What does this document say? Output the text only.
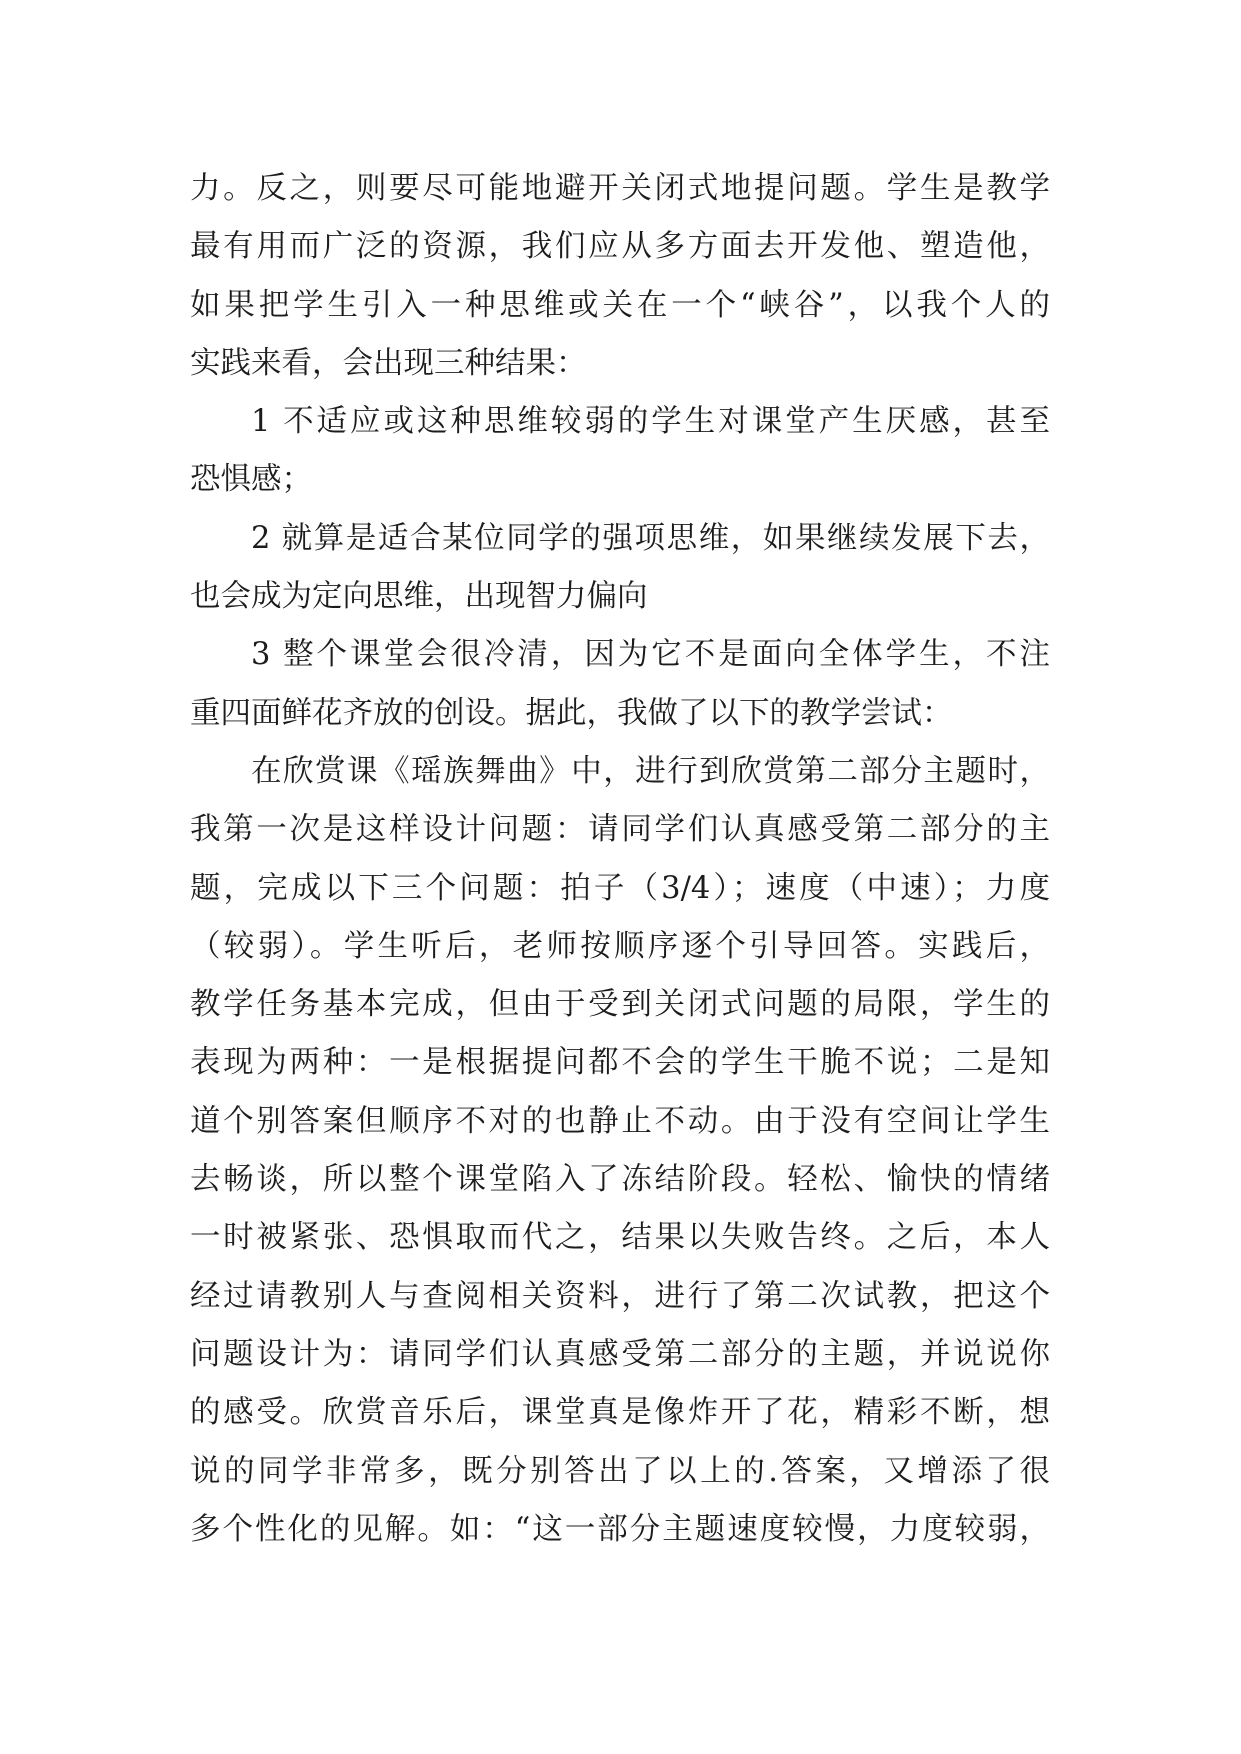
力。反之，则要尽可能地避开关闭式地提问题。学生是教学
最有用而广泛的资源，我们应从多方面去开发他、塑造他，
如果把学生引入一种思维或关在一个“峡谷”，以我个人的
实践来看，会出现三种结果：
1 不适应或这种思维较弱的学生对课堂产生厌感，甚至
恐惧感；
2 就算是适合某位同学的强项思维，如果继续发展下去，
也会成为定向思维，出现智力偏向
3 整个课堂会很冷清，因为它不是面向全体学生，不注
重四面鲜花齐放的创设。据此，我做了以下的教学尝试：
在欣赏课《瑶族舞曲》中，进行到欣赏第二部分主题时，
我第一次是这样设计问题：请同学们认真感受第二部分的主
题，完成以下三个问题：拍子（3/4）；速度（中速）；力度
（较弱）。学生听后，老师按顺序逐个引导回答。实践后，
教学任务基本完成，但由于受到关闭式问题的局限，学生的
表现为两种：一是根据提问都不会的学生干脆不说；二是知
道个别答案但顺序不对的也静止不动。由于没有空间让学生
去畅谈，所以整个课堂陷入了冻结阶段。轻松、愉快的情绪
一时被紧张、恐惧取而代之，结果以失败告终。之后，本人
经过请教别人与查阅相关资料，进行了第二次试教，把这个
问题设计为：请同学们认真感受第二部分的主题，并说说你
的感受。欣赏音乐后，课堂真是像炸开了花，精彩不断，想
说的同学非常多，既分别答出了以上的.答案，又增添了很
多个性化的见解。如：“这一部分主题速度较慢，力度较弱，
